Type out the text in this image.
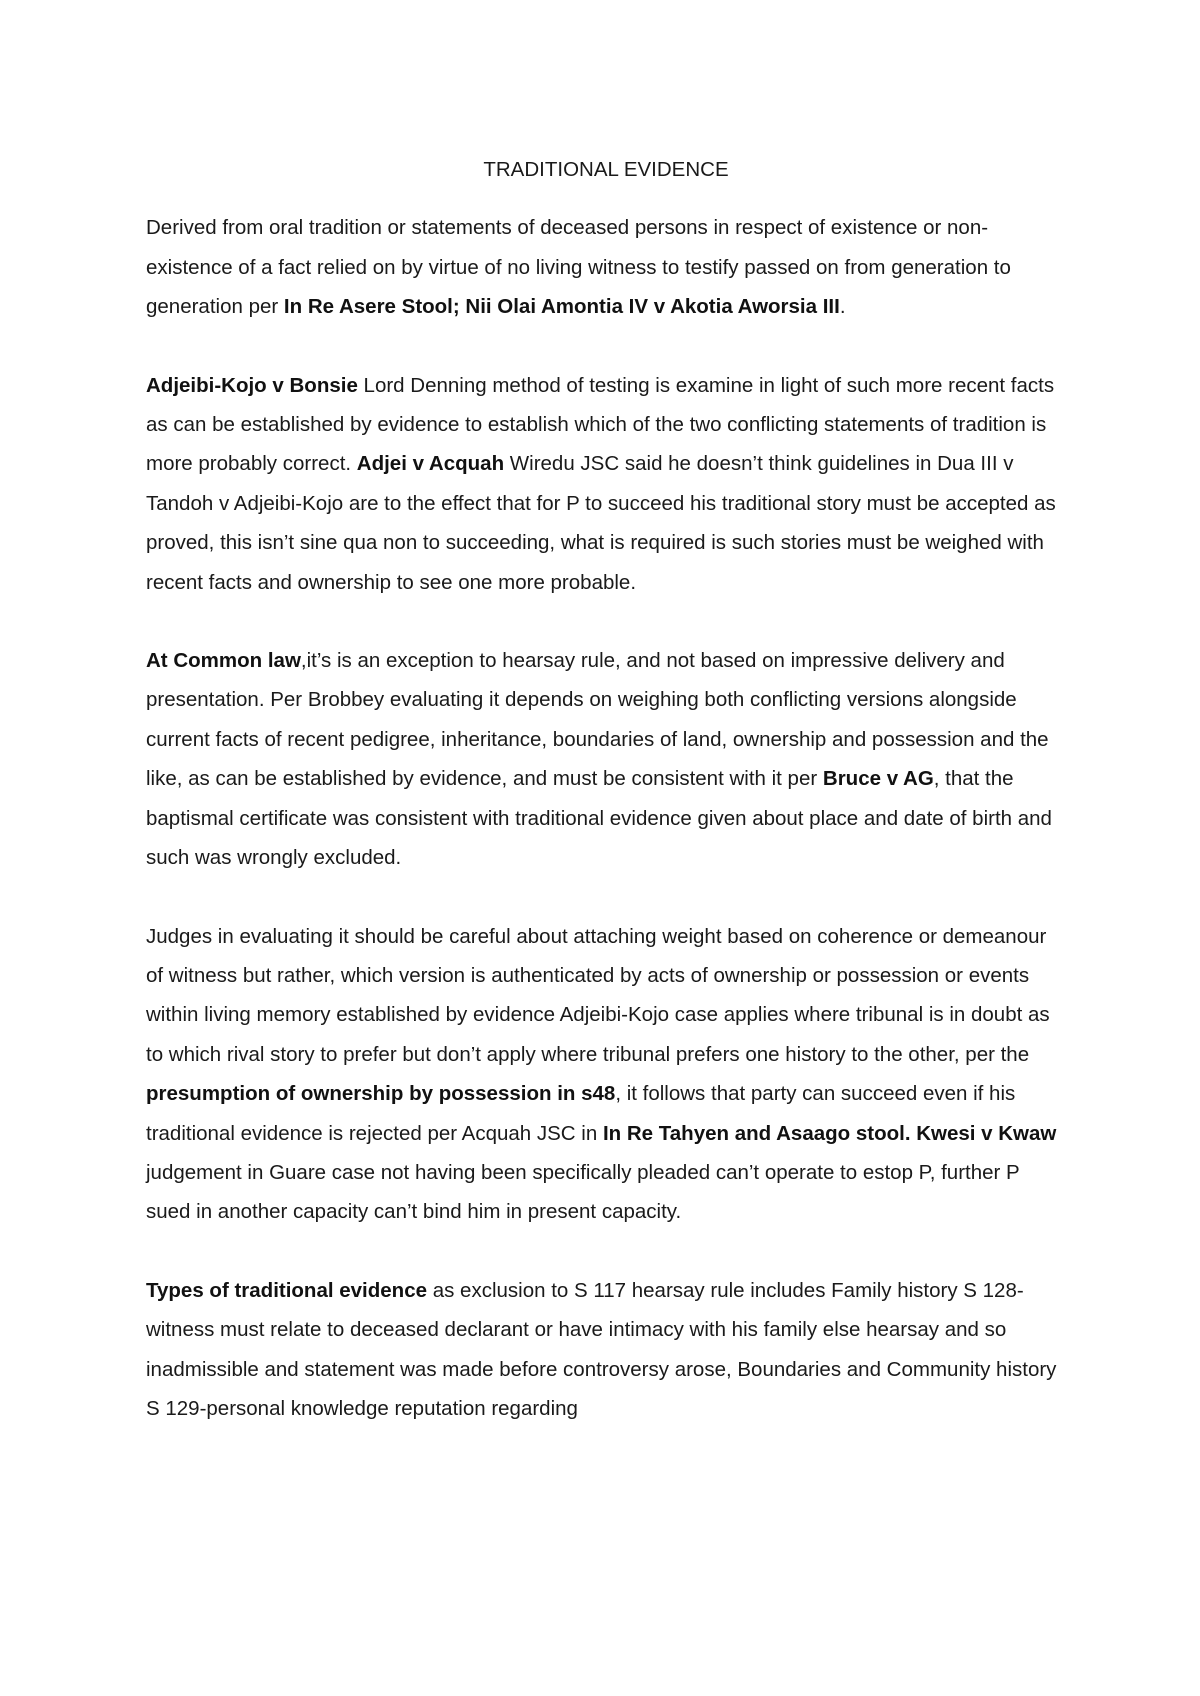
TRADITIONAL EVIDENCE
Derived from oral tradition or statements of deceased persons in respect of existence or non-existence of a fact relied on by virtue of no living witness to testify passed on from generation to generation per In Re Asere Stool; Nii Olai Amontia IV v Akotia Aworsia III.
Adjeibi-Kojo v Bonsie Lord Denning method of testing is examine in light of such more recent facts as can be established by evidence to establish which of the two conflicting statements of tradition is more probably correct. Adjei v Acquah Wiredu JSC said he doesn’t think guidelines in Dua III v Tandoh v Adjeibi-Kojo are to the effect that for P to succeed his traditional story must be accepted as proved, this isn’t sine qua non to succeeding, what is required is such stories must be weighed with recent facts and ownership to see one more probable.
At Common law,it’s is an exception to hearsay rule, and not based on impressive delivery and presentation. Per Brobbey evaluating it depends on weighing both conflicting versions alongside current facts of recent pedigree, inheritance, boundaries of land, ownership and possession and the like, as can be established by evidence, and must be consistent with it per Bruce v AG, that the baptismal certificate was consistent with traditional evidence given about place and date of birth and such was wrongly excluded.
Judges in evaluating it should be careful about attaching weight based on coherence or demeanour of witness but rather, which version is authenticated by acts of ownership or possession or events within living memory established by evidence Adjeibi-Kojo case applies where tribunal is in doubt as to which rival story to prefer but don’t apply where tribunal prefers one history to the other, per the presumption of ownership by possession in s48, it follows that party can succeed even if his traditional evidence is rejected per Acquah JSC in In Re Tahyen and Asaago stool. Kwesi v Kwaw judgement in Guare case not having been specifically pleaded can’t operate to estop P, further P sued in another capacity can’t bind him in present capacity.
Types of traditional evidence as exclusion to S 117 hearsay rule includes Family history S 128-witness must relate to deceased declarant or have intimacy with his family else hearsay and so inadmissible and statement was made before controversy arose, Boundaries and Community history S 129-personal knowledge reputation regarding
